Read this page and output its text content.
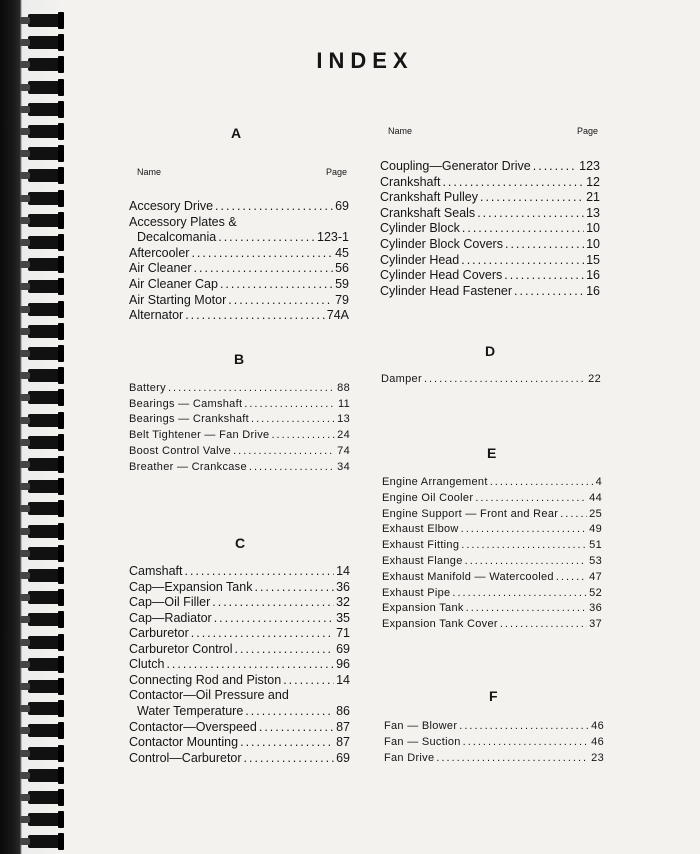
INDEX
Name	Page
Name	Page
A
B
C
D
E
F
Accesory Drive .....	69
Accessory Plates &
Decalcomania .....	123-1
Aftercooler .....	45
Air Cleaner .....	56
Air Cleaner Cap .....	59
Air Starting Motor .....	79
Alternator .....	74A
Coupling—Generator Drive .....	123
Crankshaft .....	12
Crankshaft Pulley .....	21
Crankshaft Seals .....	13
Cylinder Block .....	10
Cylinder Block Covers .....	10
Cylinder Head .....	15
Cylinder Head Covers .....	16
Cylinder Head Fastener .....	16
Battery .....	88
Bearings — Camshaft .....	11
Bearings — Crankshaft .....	13
Belt Tightener — Fan Drive .....	24
Boost Control Valve .....	74
Breather — Crankcase .....	34
Camshaft .....	14
Cap—Expansion Tank .....	36
Cap—Oil Filler .....	32
Cap—Radiator .....	35
Carburetor .....	71
Carburetor Control .....	69
Clutch .....	96
Connecting Rod and Piston .....	14
Contactor—Oil Pressure and
Water Temperature .....	86
Contactor—Overspeed .....	87
Contactor Mounting .....	87
Control—Carburetor .....	69
Damper .....	22
Engine Arrangement .....	4
Engine Oil Cooler .....	44
Engine Support — Front and Rear .....	25
Exhaust Elbow .....	49
Exhaust Fitting .....	51
Exhaust Flange .....	53
Exhaust Manifold — Watercooled .....	47
Exhaust Pipe .....	52
Expansion Tank .....	36
Expansion Tank Cover .....	37
Fan — Blower .....	46
Fan — Suction .....	46
Fan Drive .....	23
